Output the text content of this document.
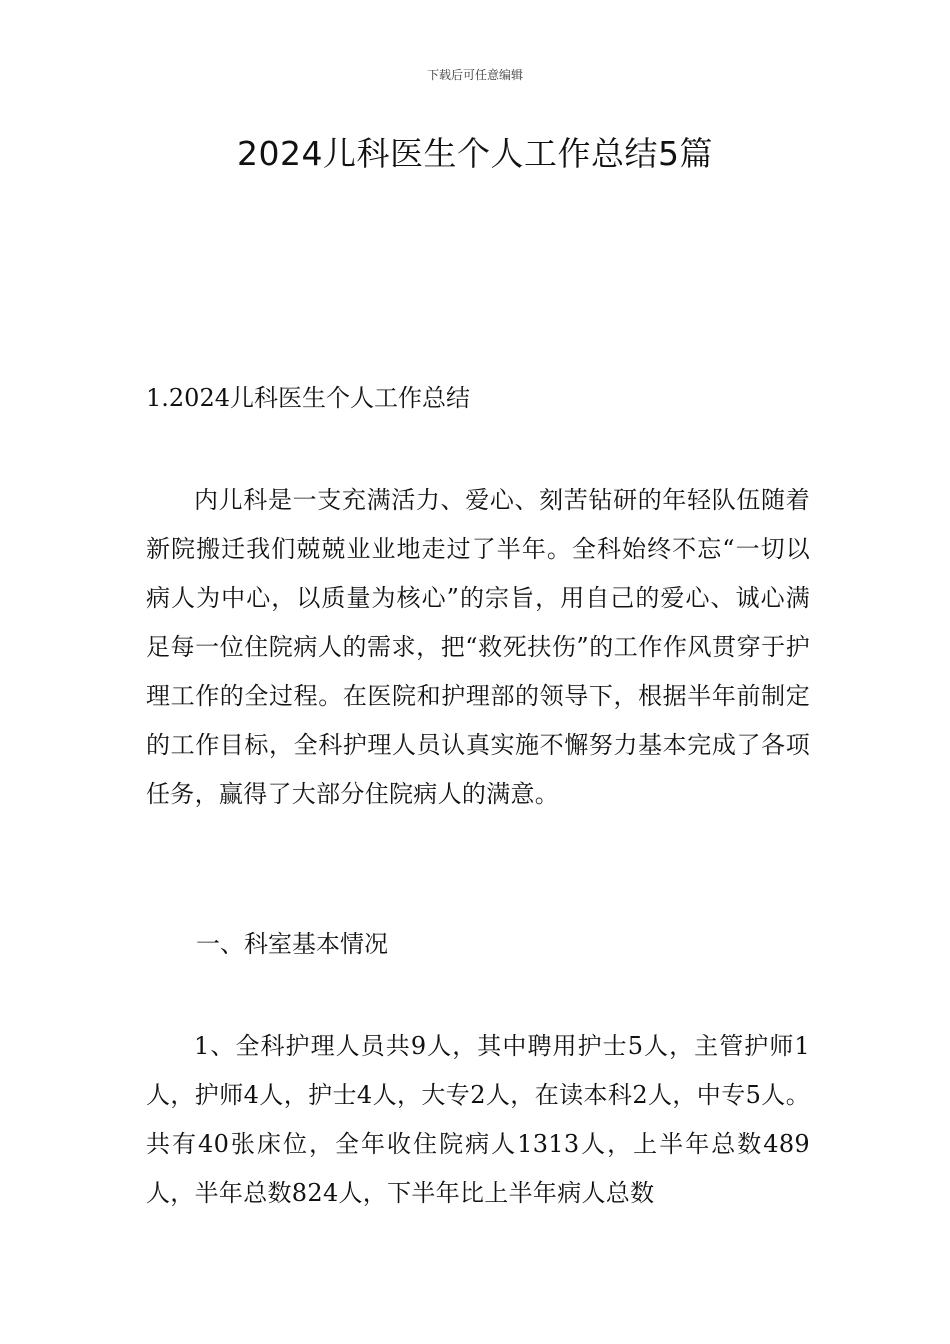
下载后可任意编辑
2024儿科医生个人工作总结5篇
1.2024儿科医生个人工作总结

内儿科是一支充满活力、爱心、刻苦钻研的年轻队伍随着新院搬迁我们兢兢业业地走过了半年。全科始终不忘“一切以病人为中心，以质量为核心”的宗旨，用自己的爱心、诚心满足每一位住院病人的需求，把“救死扶伤”的工作作风贯穿于护理工作的全过程。在医院和护理部的领导下，根据半年前制定的工作目标，全科护理人员认真实施不懈努力基本完成了各项任务，赢得了大部分住院病人的满意。

一、科室基本情况

1、全科护理人员共9人，其中聘用护士5人，主管护师1人，护师4人，护士4人，大专2人，在读本科2人，中专5人。共有40张床位，全年收住院病人1313人，上半年总数489人，半年总数824人，下半年比上半年病人总数
